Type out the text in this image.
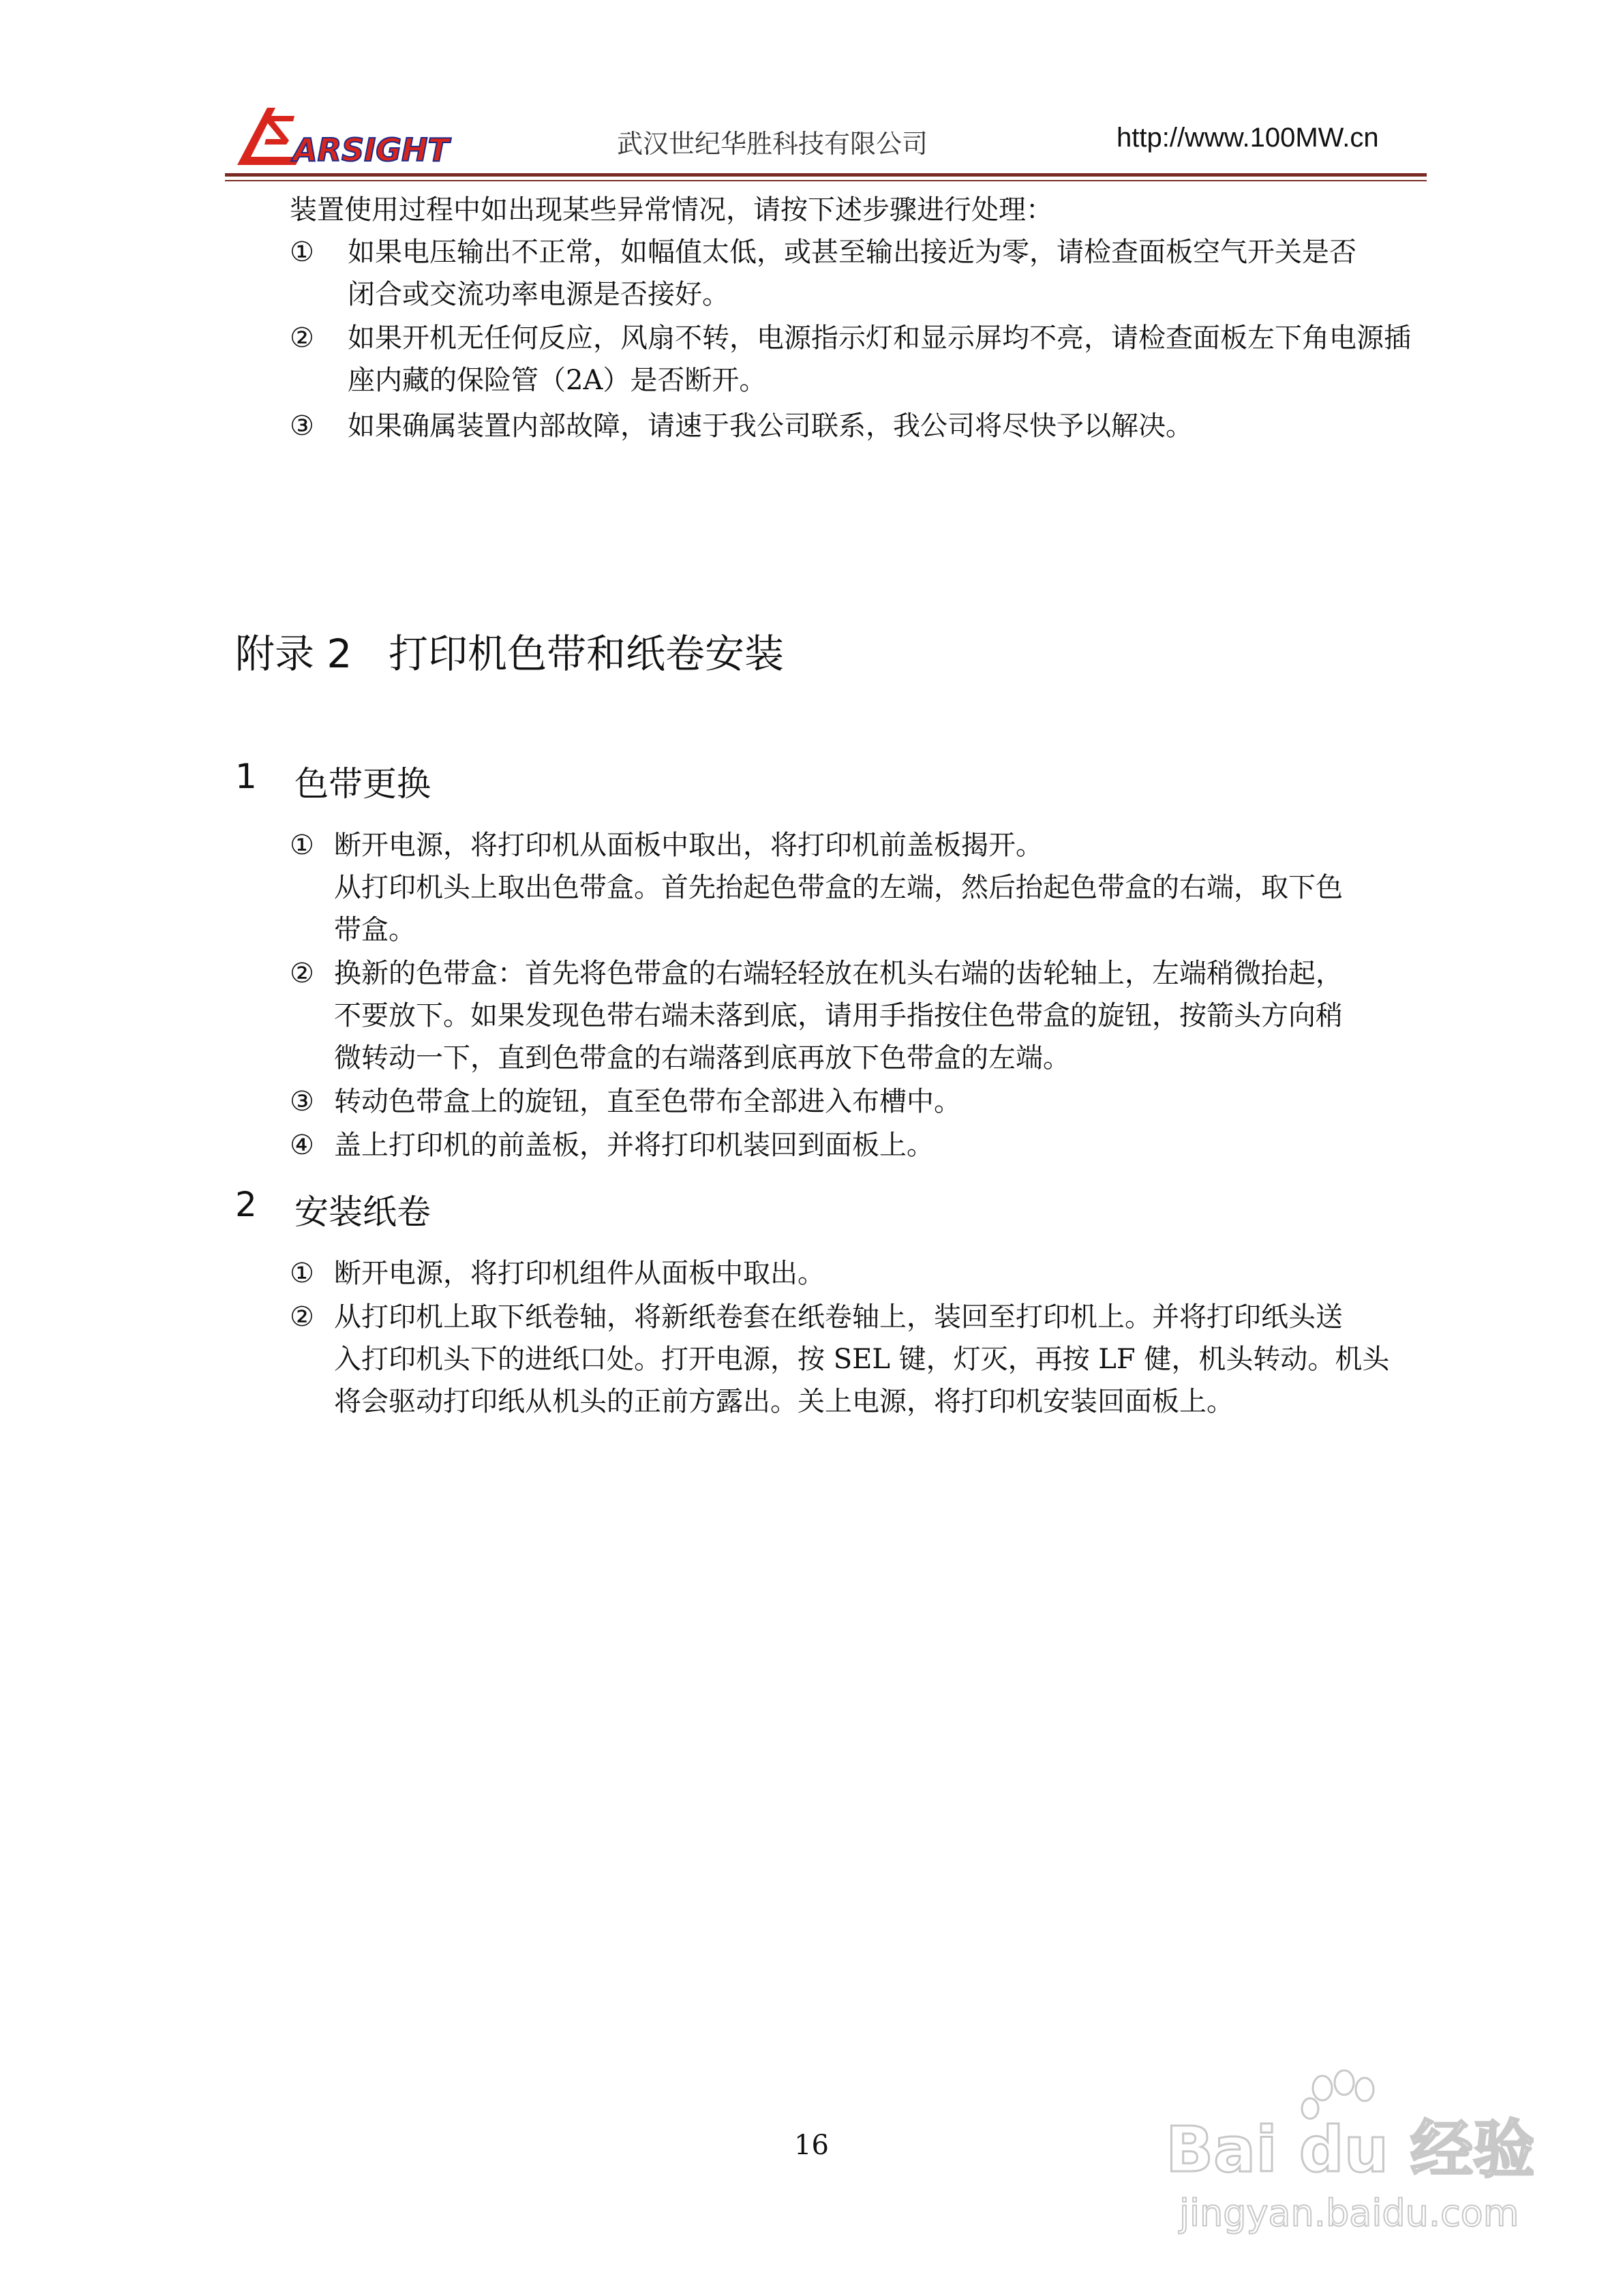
ARSIGHT	武汉世纪华胜科技有限公司	http://www.100MW.cn
装置使用过程中如出现某些异常情况，请按下述步骤进行处理：
① 如果电压输出不正常，如幅值太低，或甚至输出接近为零，请检查面板空气开关是否
闭合或交流功率电源是否接好。
② 如果开机无任何反应，风扇不转，电源指示灯和显示屏均不亮，请检查面板左下角电源插
座内藏的保险管（2A）是否断开。
③ 如果确属装置内部故障，请速于我公司联系，我公司将尽快予以解决。
附录 2 打印机色带和纸卷安装
1 色带更换
① 断开电源，将打印机从面板中取出，将打印机前盖板揭开。
从打印机头上取出色带盒。首先抬起色带盒的左端，然后抬起色带盒的右端，取下色
带盒。
② 换新的色带盒：首先将色带盒的右端轻轻放在机头右端的齿轮轴上，左端稍微抬起，
不要放下。如果发现色带右端未落到底，请用手指按住色带盒的旋钮，按箭头方向稍
微转动一下，直到色带盒的右端落到底再放下色带盒的左端。
③ 转动色带盒上的旋钮，直至色带布全部进入布槽中。
④ 盖上打印机的前盖板，并将打印机装回到面板上。
2 安装纸卷
① 断开电源，将打印机组件从面板中取出。
② 从打印机上取下纸卷轴，将新纸卷套在纸卷轴上，装回至打印机上。并将打印纸头送
入打印机头下的进纸口处。打开电源，按 SEL 键，灯灭，再按 LF 健，机头转动。机头
将会驱动打印纸从机头的正前方露出。关上电源，将打印机安装回面板上。
16	Bai du 经验
jingyan.baidu.com
